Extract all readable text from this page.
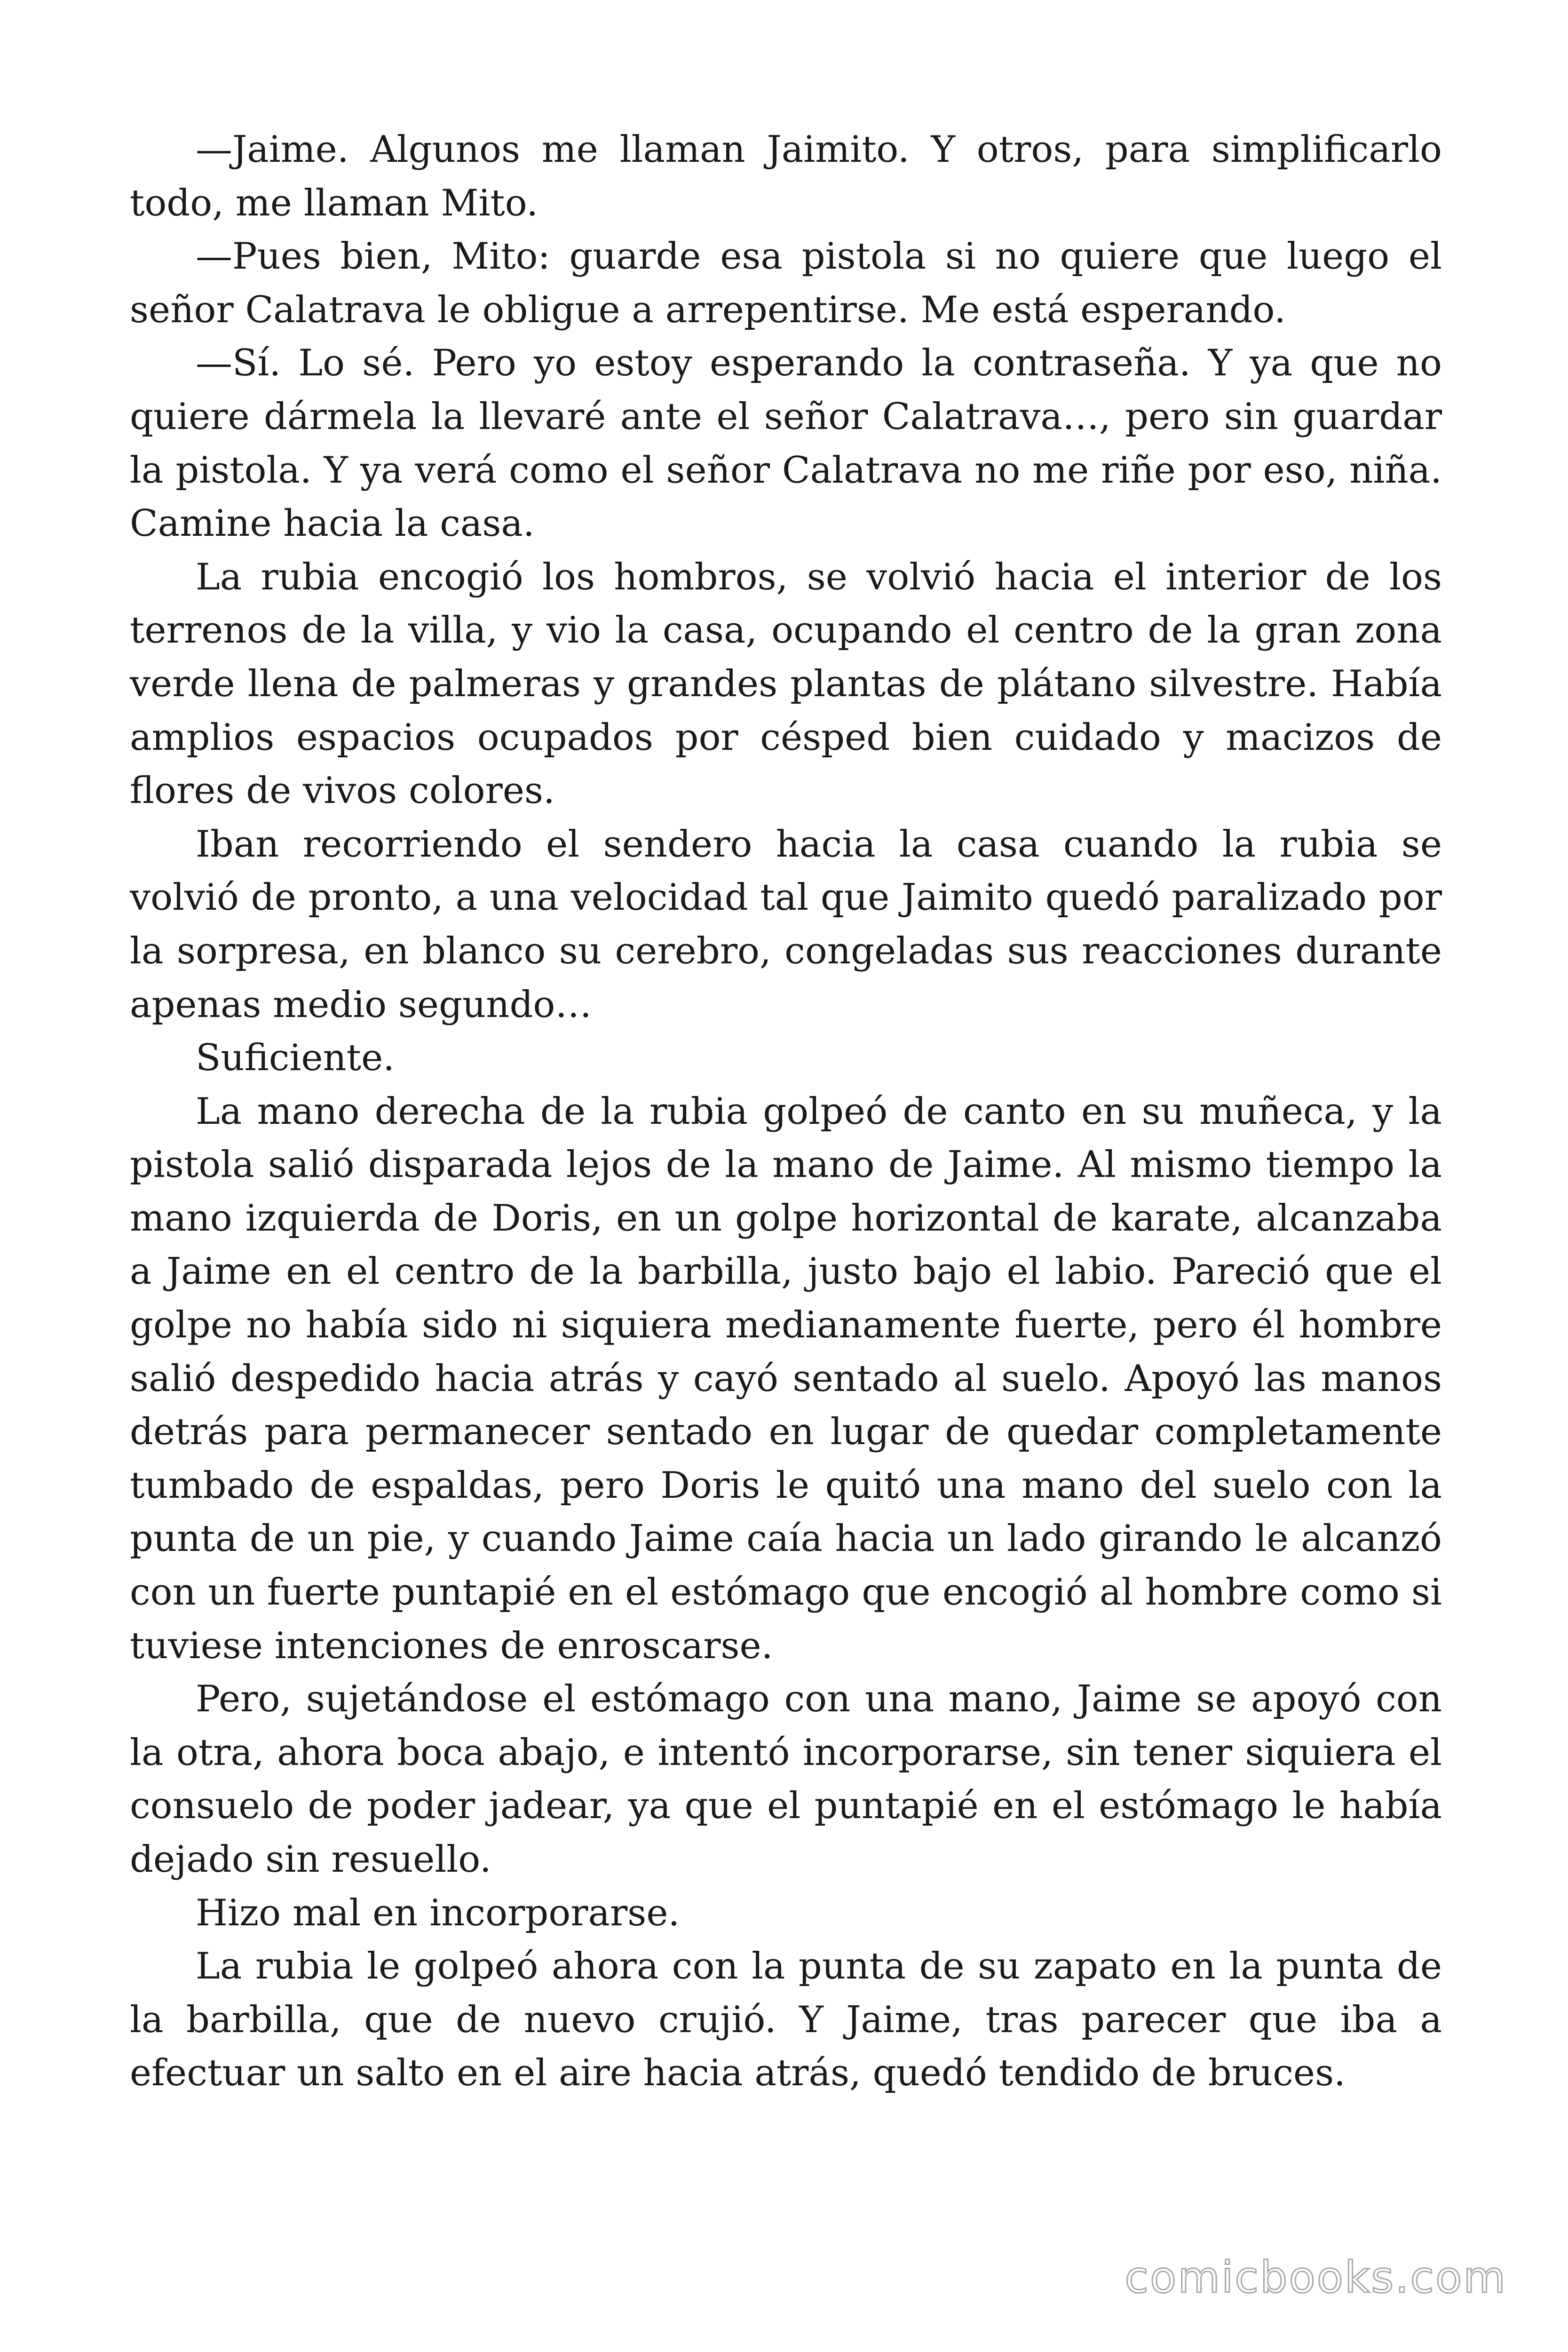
—Jaime. Algunos me llaman Jaimito. Y otros, para simplificarlo todo, me llaman Mito.

—Pues bien, Mito: guarde esa pistola si no quiere que luego el señor Calatrava le obligue a arrepentirse. Me está esperando.

—Sí. Lo sé. Pero yo estoy esperando la contraseña. Y ya que no quiere dármela la llevaré ante el señor Calatrava…, pero sin guardar la pistola. Y ya verá como el señor Calatrava no me riñe por eso, niña. Camine hacia la casa.

La rubia encogió los hombros, se volvió hacia el interior de los terrenos de la villa, y vio la casa, ocupando el centro de la gran zona verde llena de palmeras y grandes plantas de plátano silvestre. Había amplios espacios ocupados por césped bien cuidado y macizos de flores de vivos colores.

Iban recorriendo el sendero hacia la casa cuando la rubia se volvió de pronto, a una velocidad tal que Jaimito quedó paralizado por la sorpresa, en blanco su cerebro, congeladas sus reacciones durante apenas medio segundo…

Suficiente.

La mano derecha de la rubia golpeó de canto en su muñeca, y la pistola salió disparada lejos de la mano de Jaime. Al mismo tiempo la mano izquierda de Doris, en un golpe horizontal de karate, alcanzaba a Jaime en el centro de la barbilla, justo bajo el labio. Pareció que el golpe no había sido ni siquiera medianamente fuerte, pero él hombre salió despedido hacia atrás y cayó sentado al suelo. Apoyó las manos detrás para permanecer sentado en lugar de quedar completamente tumbado de espaldas, pero Doris le quitó una mano del suelo con la punta de un pie, y cuando Jaime caía hacia un lado girando le alcanzó con un fuerte puntapié en el estómago que encogió al hombre como si tuviese intenciones de enroscarse.

Pero, sujetándose el estómago con una mano, Jaime se apoyó con la otra, ahora boca abajo, e intentó incorporarse, sin tener siquiera el consuelo de poder jadear, ya que el puntapié en el estómago le había dejado sin resuello.

Hizo mal en incorporarse.

La rubia le golpeó ahora con la punta de su zapato en la punta de la barbilla, que de nuevo crujió. Y Jaime, tras parecer que iba a efectuar un salto en el aire hacia atrás, quedó tendido de bruces.

comicbooks.com
